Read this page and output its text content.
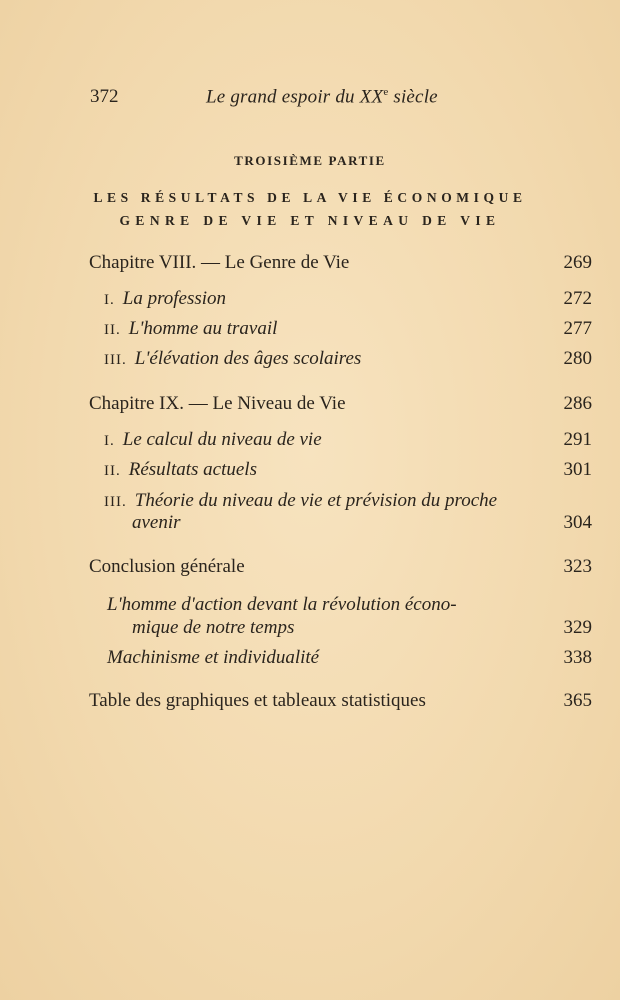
372	Le grand espoir du XXe siècle
TROISIÈME PARTIE
LES RÉSULTATS DE LA VIE ÉCONOMIQUE
GENRE DE VIE ET NIVEAU DE VIE
Chapitre VIII. — Le Genre de Vie	269
I. La profession	272
II. L'homme au travail	277
III. L'élévation des âges scolaires	280
Chapitre IX. — Le Niveau de Vie	286
I. Le calcul du niveau de vie	291
II. Résultats actuels	301
III. Théorie du niveau de vie et prévision du proche
avenir	304
Conclusion générale	323
L'homme d'action devant la révolution écono-
mique de notre temps	329
Machinisme et individualité	338
Table des graphiques et tableaux statistiques	365
